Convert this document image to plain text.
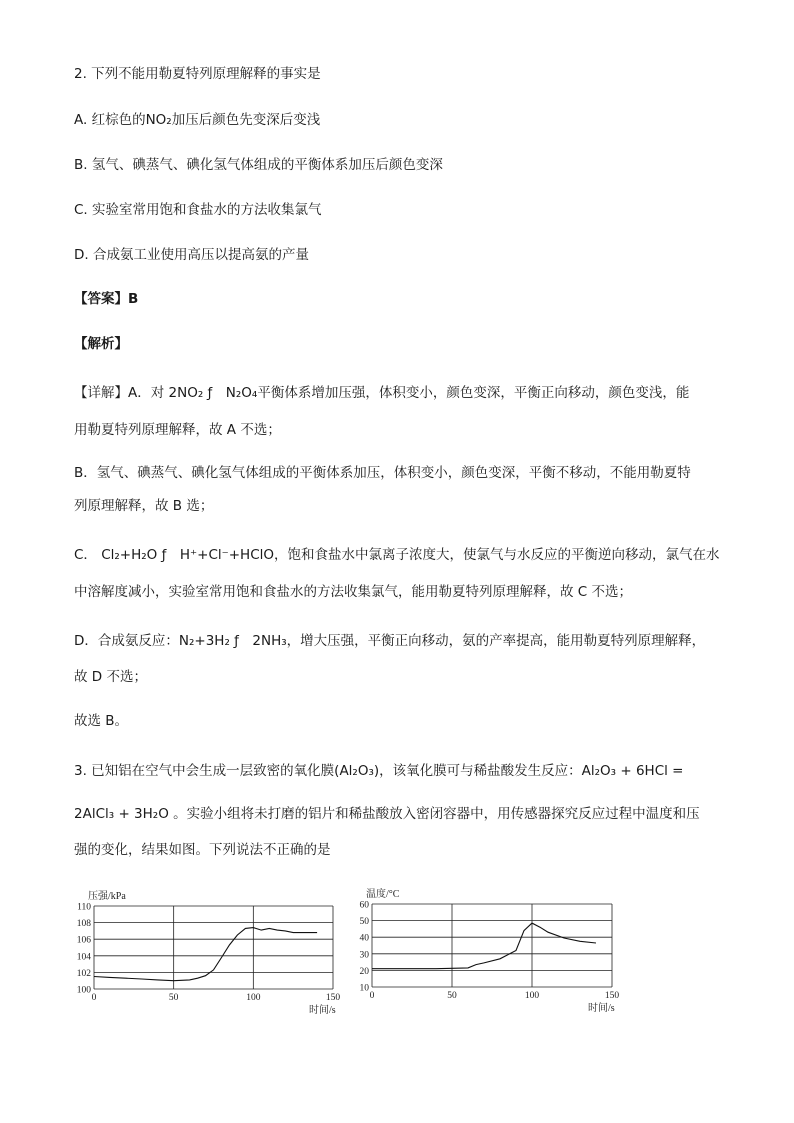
2. 下列不能用勒夏特列原理解释的事实是
A. 红棕色的NO₂加压后颜色先变深后变浅
B. 氢气、碘蒸气、碘化氢气体组成的平衡体系加压后颜色变深
C. 实验室常用饱和食盐水的方法收集氯气
D. 合成氨工业使用高压以提高氨的产量
【答案】B
【解析】
【详解】A．对 2NO₂ ƒ　N₂O₄平衡体系增加压强，体积变小，颜色变深，平衡正向移动，颜色变浅，能
用勒夏特列原理解释，故 A 不选；
B．氢气、碘蒸气、碘化氢气体组成的平衡体系加压，体积变小，颜色变深，平衡不移动，不能用勒夏特
列原理解释，故 B 选；
C． Cl₂+H₂O ƒ　H⁺+Cl⁻+HClO，饱和食盐水中氯离子浓度大，使氯气与水反应的平衡逆向移动，氯气在水
中溶解度减小，实验室常用饱和食盐水的方法收集氯气，能用勒夏特列原理解释，故 C 不选；
D．合成氨反应：N₂+3H₂ ƒ　2NH₃，增大压强，平衡正向移动，氨的产率提高，能用勒夏特列原理解释，
故 D 不选；
故选 B。
3. 已知铝在空气中会生成一层致密的氧化膜(Al₂O₃)，该氧化膜可与稀盐酸发生反应：Al₂O₃ + 6HCl =
2AlCl₃ + 3H₂O 。实验小组将未打磨的铝片和稀盐酸放入密闭容器中，用传感器探究反应过程中温度和压
强的变化，结果如图。下列说法不正确的是
100
102
104
106
108
110
0	50	100	150
压强/kPa
时间/s
10
20
30
40
50
60
0	50	100	150
温度/°C
时间/s
